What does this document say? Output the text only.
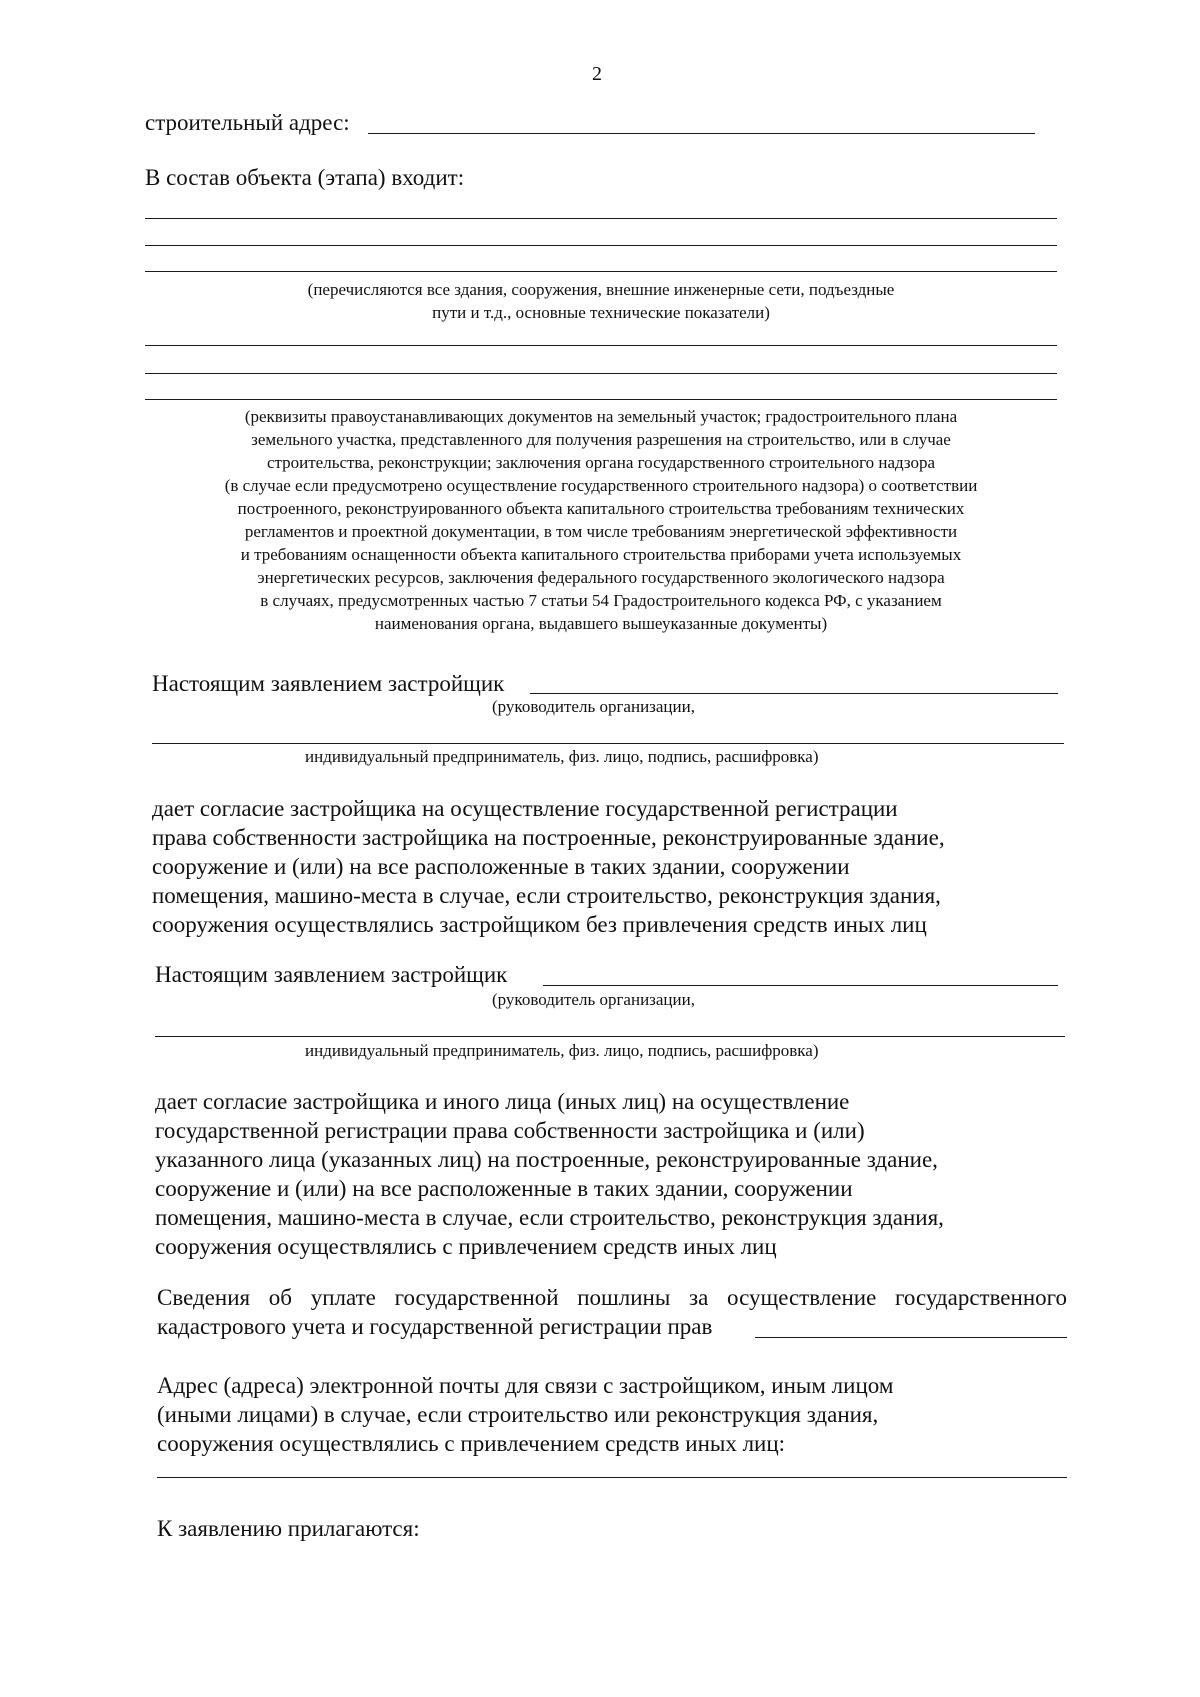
2
строительный адрес:
В состав объекта (этапа) входит:
(перечисляются все здания, сооружения, внешние инженерные сети, подъездные
пути и т.д., основные технические показатели)
(реквизиты правоустанавливающих документов на земельный участок; градостроительного плана
земельного участка, представленного для получения разрешения на строительство, или в случае
строительства, реконструкции; заключения органа государственного строительного надзора
(в случае если предусмотрено осуществление государственного строительного надзора) о соответствии
построенного, реконструированного объекта капитального строительства требованиям технических
регламентов и проектной документации, в том числе требованиям энергетической эффективности
и требованиям оснащенности объекта капитального строительства приборами учета используемых
энергетических ресурсов, заключения федерального государственного экологического надзора
в случаях, предусмотренных частью 7 статьи 54 Градостроительного кодекса РФ, с указанием
наименования органа, выдавшего вышеуказанные документы)
Настоящим заявлением застройщик
(руководитель организации,
индивидуальный предприниматель, физ. лицо, подпись, расшифровка)
дает согласие застройщика на осуществление государственной регистрации
права собственности застройщика на построенные, реконструированные здание,
сооружение и (или) на все расположенные в таких здании, сооружении
помещения, машино-места в случае, если строительство, реконструкция здания,
сооружения осуществлялись застройщиком без привлечения средств иных лиц
Настоящим заявлением застройщик
(руководитель организации,
индивидуальный предприниматель, физ. лицо, подпись, расшифровка)
дает согласие застройщика и иного лица (иных лиц) на осуществление
государственной регистрации права собственности застройщика и (или)
указанного лица (указанных лиц) на построенные, реконструированные здание,
сооружение и (или) на все расположенные в таких здании, сооружении
помещения, машино-места в случае, если строительство, реконструкция здания,
сооружения осуществлялись с привлечением средств иных лиц
Сведения об уплате государственной пошлины за осуществление государственного
кадастрового учета и государственной регистрации прав
Адрес (адреса) электронной почты для связи с застройщиком, иным лицом
(иными лицами) в случае, если строительство или реконструкция здания,
сооружения осуществлялись с привлечением средств иных лиц:
К заявлению прилагаются:
